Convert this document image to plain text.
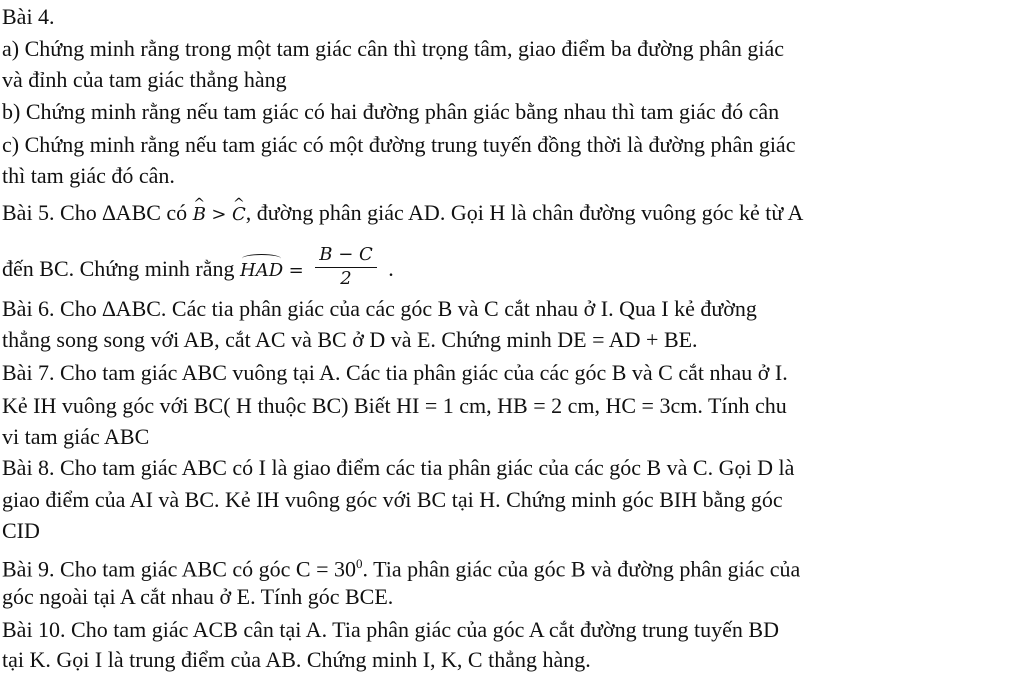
Bài 4.
a) Chứng minh rằng trong một tam giác cân thì trọng tâm, giao điểm ba đường phân giác
và đỉnh của tam giác thẳng hàng
b) Chứng minh rằng nếu tam giác có hai đường phân giác bằng nhau thì tam giác đó cân
c) Chứng minh rằng nếu tam giác có một đường trung tuyến đồng thời là đường phân giác
thì tam giác đó cân.
Bài 5. Cho ∆ABC có ^ B > ^ C, đường phân giác AD. Gọi H là chân đường vuông góc kẻ từ A
đến BC. Chứng minh rằng HAD = $\frac{B - C}{2}$ .
Bài 6. Cho ∆ABC. Các tia phân giác của các góc B và C cắt nhau ở I. Qua I kẻ đường
thẳng song song với AB, cắt AC và BC ở D và E. Chứng minh DE = AD + BE.
Bài 7. Cho tam giác ABC vuông tại A. Các tia phân giác của các góc B và C cắt nhau ở I.
Kẻ IH vuông góc với BC( H thuộc BC) Biết HI = 1 cm, HB = 2 cm, HC = 3cm. Tính chu
vi tam giác ABC
Bài 8. Cho tam giác ABC có I là giao điểm các tia phân giác của các góc B và C. Gọi D là
giao điểm của AI và BC. Kẻ IH vuông góc với BC tại H. Chứng minh góc BIH bằng góc
CID
Bài 9. Cho tam giác ABC có góc $C = 30^0$. Tia phân giác của góc B và đường phân giác của
góc ngoài tại A cắt nhau ở E. Tính góc BCE.
Bài 10. Cho tam giác ACB cân tại A. Tia phân giác của góc A cắt đường trung tuyến BD
tại K. Gọi I là trung điểm của AB. Chứng minh I, K, C thẳng hàng.
